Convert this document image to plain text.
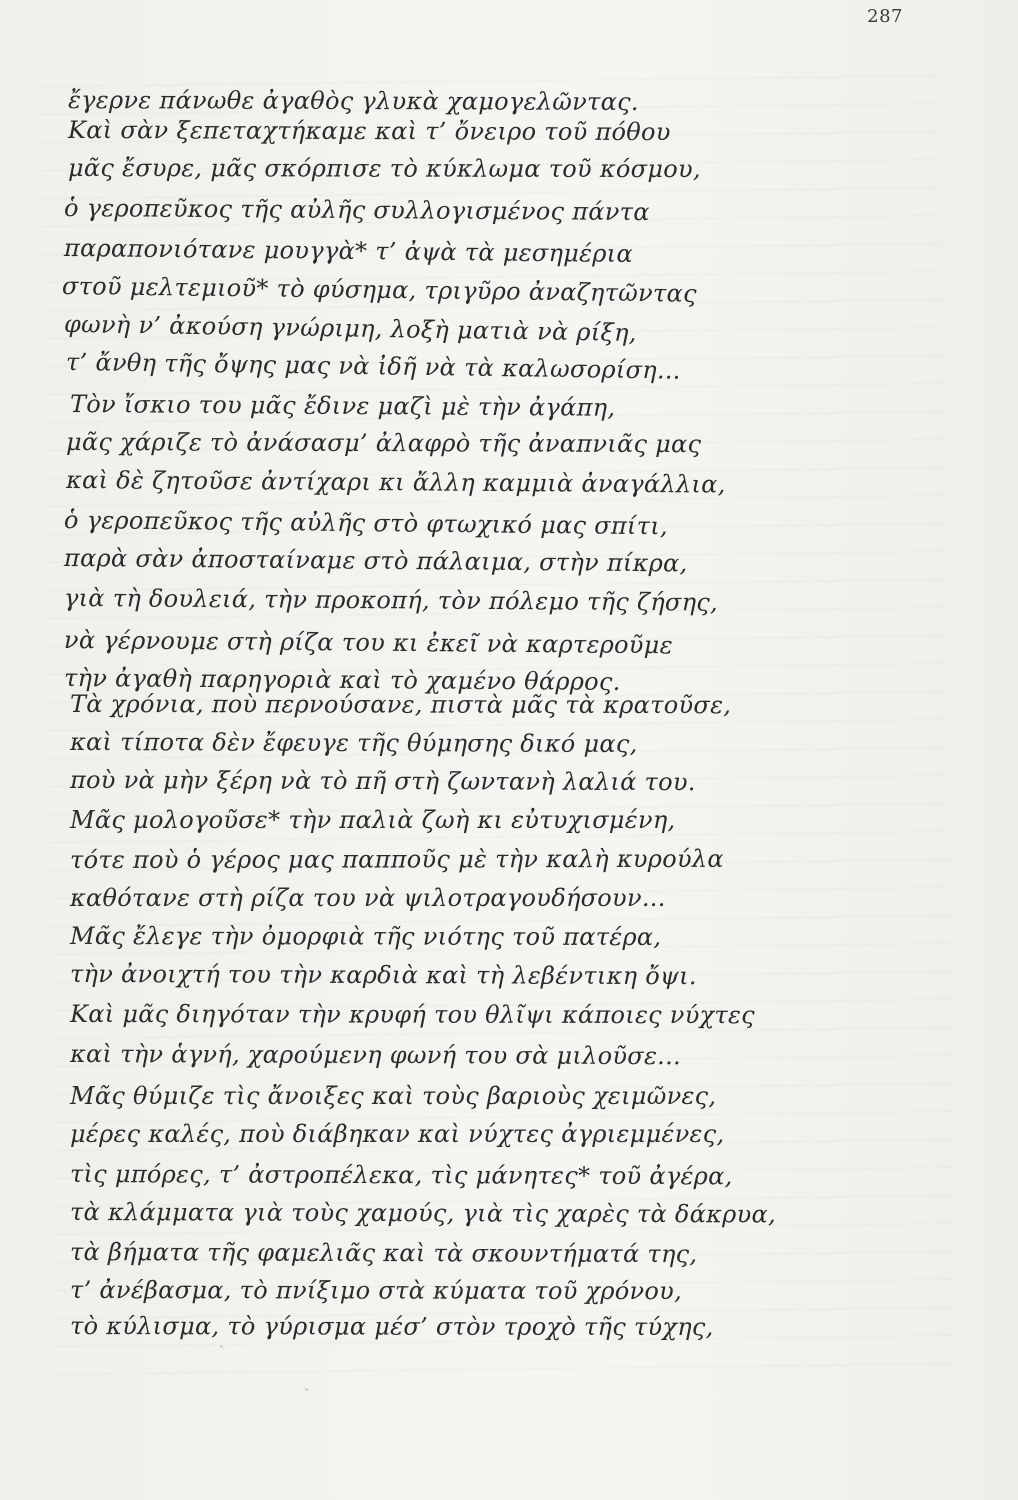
287
ἔγερνε πάνωθε ἀγαθὸς γλυκὰ χαμογελῶντας.
Καὶ σὰν ξεπεταχτήκαμε καὶ τ’ ὄνειρο τοῦ πόθου
μᾶς ἔσυρε, μᾶς σκόρπισε τὸ κύκλωμα τοῦ κόσμου,
ὁ γεροπεῦκος τῆς αὐλῆς συλλογισμένος πάντα
παραπονιότανε μουγγὰ* τ’ ἀψὰ τὰ μεσημέρια
στοῦ μελτεμιοῦ* τὸ φύσημα, τριγῦρο ἀναζητῶντας
φωνὴ ν’ ἀκούση γνώριμη, λοξὴ ματιὰ νὰ ρίξη,
τ’ ἄνθη τῆς ὄψης μας νὰ ἰδῆ νὰ τὰ καλωσορίση...
Τὸν ἴσκιο του μᾶς ἔδινε μαζὶ μὲ τὴν ἀγάπη,
μᾶς χάριζε τὸ ἀνάσασμ’ ἀλαφρὸ τῆς ἀναπνιᾶς μας
καὶ δὲ ζητοῦσε ἀντίχαρι κι ἄλλη καμμιὰ ἀναγάλλια,
ὁ γεροπεῦκος τῆς αὐλῆς στὸ φτωχικό μας σπίτι,
παρὰ σὰν ἀποσταίναμε στὸ πάλαιμα, στὴν πίκρα,
γιὰ τὴ δουλειά, τὴν προκοπή, τὸν πόλεμο τῆς ζήσης,
νὰ γέρνουμε στὴ ρίζα του κι ἐκεῖ νὰ καρτεροῦμε
τὴν ἀγαθὴ παρηγοριὰ καὶ τὸ χαμένο θάρρος.
Τὰ χρόνια, ποὺ περνούσανε, πιστὰ μᾶς τὰ κρατοῦσε,
καὶ τίποτα δὲν ἔφευγε τῆς θύμησης δικό μας,
ποὺ νὰ μὴν ξέρη νὰ τὸ πῆ στὴ ζωντανὴ λαλιά του.
Μᾶς μολογοῦσε* τὴν παλιὰ ζωὴ κι εὐτυχισμένη,
τότε ποὺ ὁ γέρος μας παπποῦς μὲ τὴν καλὴ κυρούλα
καθότανε στὴ ρίζα του νὰ ψιλοτραγουδήσουν...
Μᾶς ἔλεγε τὴν ὀμορφιὰ τῆς νιότης τοῦ πατέρα,
τὴν ἀνοιχτή του τὴν καρδιὰ καὶ τὴ λεβέντικη ὄψι.
Καὶ μᾶς διηγόταν τὴν κρυφή του θλῖψι κάποιες νύχτες
καὶ τὴν ἁγνή, χαρούμενη φωνή του σὰ μιλοῦσε...
Μᾶς θύμιζε τὶς ἄνοιξες καὶ τοὺς βαριοὺς χειμῶνες,
μέρες καλές, ποὺ διάβηκαν καὶ νύχτες ἀγριεμμένες,
τὶς μπόρες, τ’ ἀστροπέλεκα, τὶς μάνητες* τοῦ ἀγέρα,
τὰ κλάμματα γιὰ τοὺς χαμούς, γιὰ τὶς χαρὲς τὰ δάκρυα,
τὰ βήματα τῆς φαμελιᾶς καὶ τὰ σκουντήματά της,
τ’ ἀνέβασμα, τὸ πνίξιμο στὰ κύματα τοῦ χρόνου,
τὸ κύλισμα, τὸ γύρισμα μέσ’ στὸν τροχὸ τῆς τύχης,
